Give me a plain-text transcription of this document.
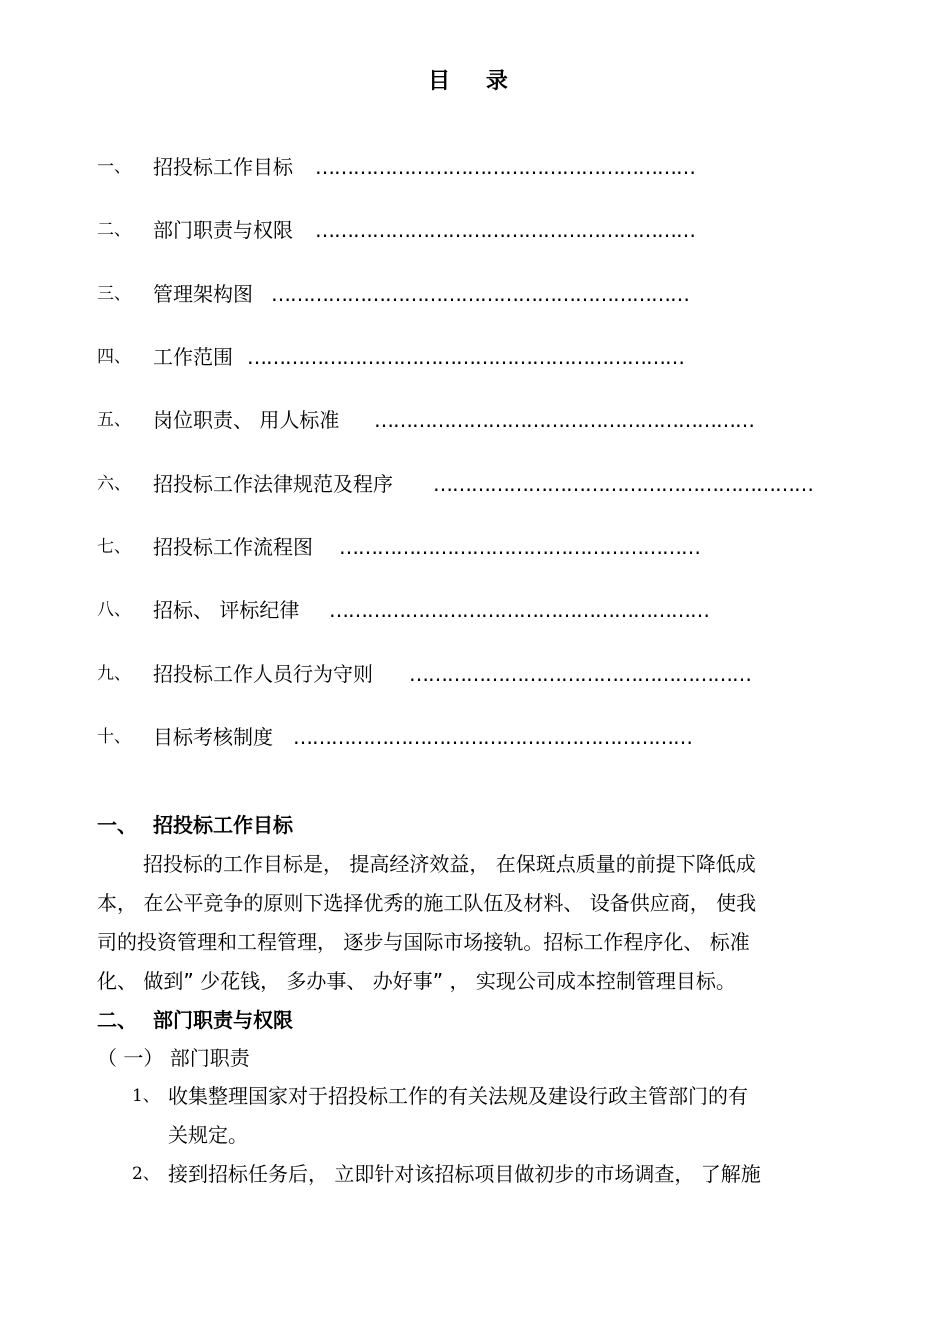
目 录
一、 招投标工作目标 ……………………………………………………
二、 部门职责与权限 ……………………………………………………
三、 管理架构图 …………………………………………………………
四、 工作范围 ……………………………………………………………
五、 岗位职责、 用人标准 ……………………………………………………
六、 招投标工作法律规范及程序 ……………………………………………………
七、 招投标工作流程图 …………………………………………………
八、 招标、 评标纪律 ……………………………………………………
九、 招投标工作人员行为守则 ………………………………………………
十、 目标考核制度 ………………………………………………………
一、 招投标工作目标
招投标的工作目标是， 提高经济效益， 在保斑点质量的前提下降低成
本， 在公平竞争的原则下选择优秀的施工队伍及材料、 设备供应商， 使我
司的投资管理和工程管理， 逐步与国际市场接轨。招标工作程序化、 标准
化、 做到” 少花钱， 多办事、 办好事” ， 实现公司成本控制管理目标。
二、 部门职责与权限
（ 一） 部门职责
1、 收集整理国家对于招投标工作的有关法规及建设行政主管部门的有
关规定。
2、 接到招标任务后， 立即针对该招标项目做初步的市场调查， 了解施
